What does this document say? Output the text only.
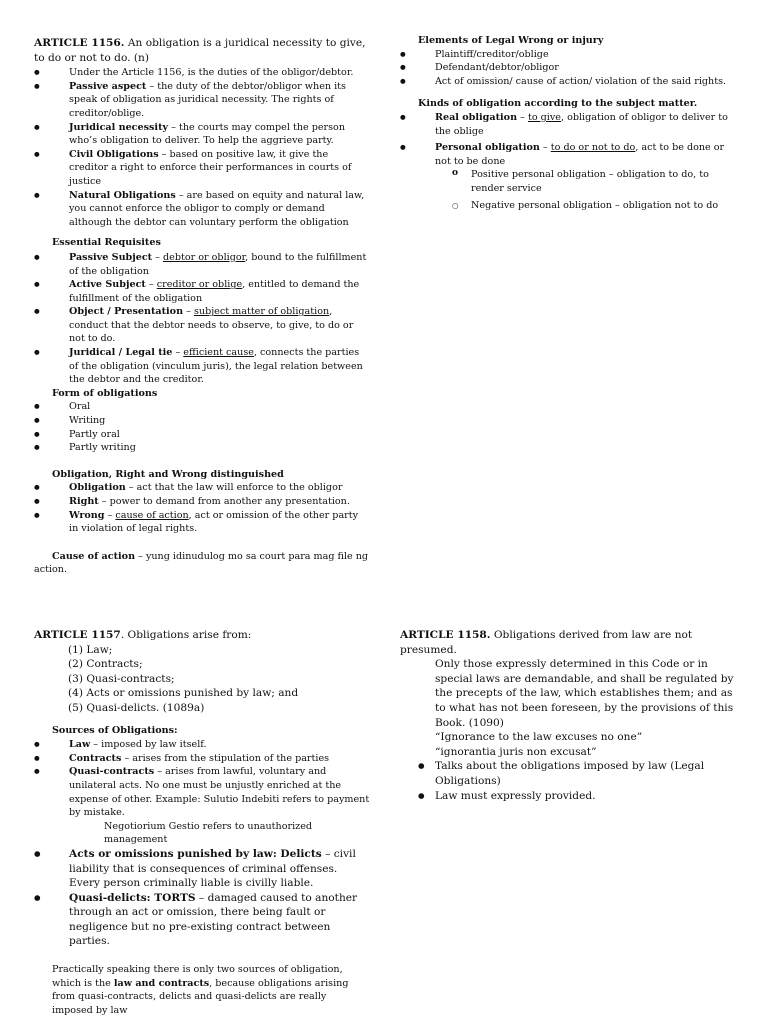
ARTICLE 1156. An obligation is a juridical necessity to give, to do or not to do. (n)

● Under the Article 1156, is the duties of the obligor/debtor.
● Passive aspect – the duty of the debtor/obligor when its speak of obligation as juridical necessity. The rights of creditor/oblige.
● Juridical necessity – the courts may compel the person who’s obligation to deliver. To help the aggrieve party.
● Civil Obligations – based on positive law, it give the creditor a right to enforce their performances in courts of justice
● Natural Obligations – are based on equity and natural law, you cannot enforce the obligor to comply or demand although the debtor can voluntary perform the obligation

Essential Requisites

● Passive Subject – debtor or obligor, bound to the fulfillment of the obligation
● Active Subject – creditor or oblige, entitled to demand the fulfillment of the obligation
● Object / Presentation – subject matter of obligation, conduct that the debtor needs to observe, to give, to do or not to do.
● Juridical / Legal tie – efficient cause, connects the parties of the obligation (vinculum juris), the legal relation between the debtor and the creditor.

Form of obligations

● Oral
● Writing
● Partly oral
● Partly writing

Obligation, Right and Wrong distinguished

● Obligation – act that the law will enforce to the obligor
● Right – power to demand from another any presentation.
● Wrong – cause of action, act or omission of the other party in violation of legal rights.

Cause of action – yung idinudulog mo sa court para mag file ng action.

Elements of Legal Wrong or injury

● Plaintiff/creditor/oblige
● Defendant/debtor/obligor
● Act of omission/ cause of action/ violation of the said rights.

Kinds of obligation according to the subject matter.

● Real obligation – to give, obligation of obligor to deliver to the oblige
● Personal obligation – to do or not to do, act to be done or not to be done
o Positive personal obligation – obligation to do, to render service
○ Negative personal obligation – obligation not to do

ARTICLE 1157. Obligations arise from:

(1) Law;

(2) Contracts;

(3) Quasi-contracts;

(4) Acts or omissions punished by law; and

(5) Quasi-delicts. (1089a)

Sources of Obligations:

● Law – imposed by law itself.
● Contracts – arises from the stipulation of the parties
● Quasi-contracts – arises from lawful, voluntary and unilateral acts. No one must be unjustly enriched at the expense of other. Example: Sulutio Indebiti refers to payment by mistake.

Negotiorium Gestio refers to unauthorized management

● Acts or omissions punished by law: Delicts – civil liability that is consequences of criminal offenses. Every person criminally liable is civilly liable.
● Quasi-delicts: TORTS – damaged caused to another through an act or omission, there being fault or negligence but no pre-existing contract between parties.

Practically speaking there is only two sources of obligation, which is the law and contracts, because obligations arising from quasi-contracts, delicts and quasi-delicts are really imposed by law

ARTICLE 1158. Obligations derived from law are not presumed.

Only those expressly determined in this Code or in special laws are demandable, and shall be regulated by the precepts of the law, which establishes them; and as to what has not been foreseen, by the provisions of this Book. (1090)

“Ignorance to the law excuses no one”

“ignorantia juris non excusat”

● Talks about the obligations imposed by law (Legal Obligations)
● Law must expressly provided.
